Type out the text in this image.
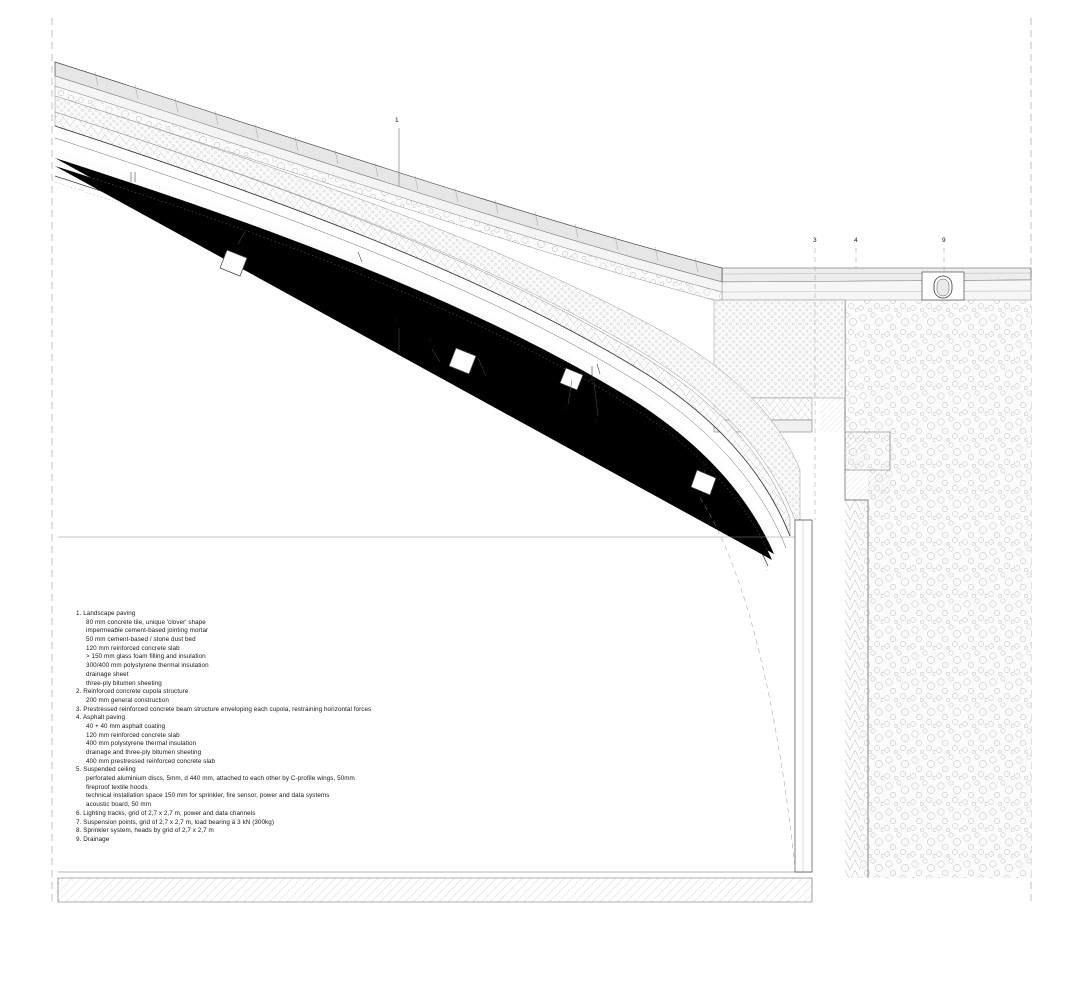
1
2
3	4
5
6
7
8
9
1. Landscape paving
80 mm concrete tile, unique 'clover' shape
impermeable cement-based jointing mortar
50 mm cement-based / stone dust bed
120 mm reinforced concrete slab
> 150 mm glass foam filling and insulation
300/400 mm polystyrene thermal insulation
drainage sheet
three-ply bitumen sheeting
2. Reinforced concrete cupola structure
200 mm general construction
3. Prestressed reinforced concrete beam structure enveloping each cupola, restraining horizontal forces
4. Asphalt paving
40 + 40 mm asphalt coating
120 mm reinforced concrete slab
400 mm polystyrene thermal insulation
drainage and three-ply bitumen sheeting
400 mm prestressed reinforced concrete slab
5. Suspended ceiling
perforated aluminium discs, 5mm, d 440 mm, attached to each other by C-profile wings, 50mm
fireproof textile hoods
technical installation space 150 mm for sprinkler, fire sensor, power and data systems
acoustic board, 50 mm
6. Lighting tracks, grid of 2,7 x 2,7 m, power and data channels
7. Suspension points, grid of 2,7 x 2,7 m, load bearing ä 3 kN (300kg)
8. Sprinkler system, heads by grid of 2,7 x 2,7 m
9. Drainage
